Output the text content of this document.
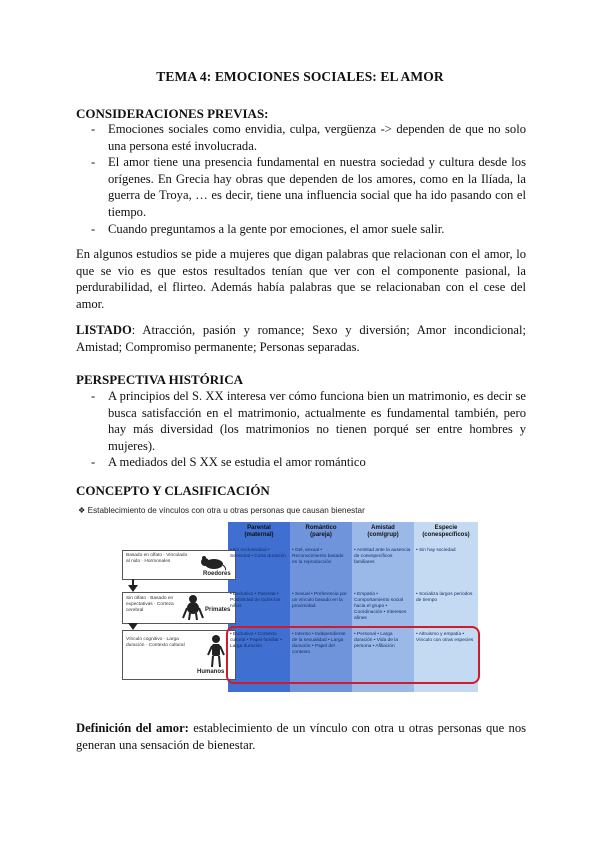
TEMA 4: EMOCIONES SOCIALES: EL AMOR
CONSIDERACIONES PREVIAS:
- Emociones sociales como envidia, culpa, vergüenza -> dependen de que no solo una persona esté involucrada.
- El amor tiene una presencia fundamental en nuestra sociedad y cultura desde los orígenes. En Grecia hay obras que dependen de los amores, como en la Ilíada, la guerra de Troya, … es decir, tiene una influencia social que ha ido pasando con el tiempo.
- Cuando preguntamos a la gente por emociones, el amor suele salir.
En algunos estudios se pide a mujeres que digan palabras que relacionan con el amor, lo que se vio es que estos resultados tenían que ver con el componente pasional, la perdurabilidad, el flirteo. Además había palabras que se relacionaban con el cese del amor.
LISTADO: Atracción, pasión y romance; Sexo y diversión; Amor incondicional; Amistad; Compromiso permanente; Personas separadas.
PERSPECTIVA HISTÓRICA
- A principios del S. XX interesa ver cómo funciona bien un matrimonio, es decir se busca satisfacción en el matrimonio, actualmente es fundamental también, pero hay más diversidad (los matrimonios no tienen porqué ser entre hombres y mujeres).
- A mediados del S XX se estudia el amor romántico
CONCEPTO Y CLASIFICACIÓN
❖ Establecimiento de vínculos con otra u otras personas que causan bienestar
Parental
(maternal)
Romántico
(pareja)
Amistad
(com/grup)
Especie
(conespecíficos)
Basado en olfato · Vinculado al nido · Hormonales
Roedores
Sin olfato · Basado en expectativas · Corteza cerebral	Primates
Vínculo cognitivo · Larga duración · Contexto cultural
Humanos
• No exclusividad • Sensorial • Corta duración
• Gel, sexual • Reconocimiento basado en la reproducción
• Amistad ante la ausencia de conespecíficos familiares
• Sin hay sociedad
• Exclusivo • Parental • Posibilidad de todos los niños
• Sexual • Preferencia por un vínculo basado en la proximidad
• Empatía • Comportamiento social hacia el grupo • Coordinación • Intereses afines
• Socializa largos periodos de tiempo
• Exclusivo • Contexto cultural • Papel familiar • Larga duración
• Intenso • Independiente de la sexualidad • Larga duración • Papel del contexto
• Personal • Larga duración • Vida de la persona • Afiliación
• Altruismo y empatía • Vínculo con otras especies
Definición del amor: establecimiento de un vínculo con otra u otras personas que nos generan una sensación de bienestar.
